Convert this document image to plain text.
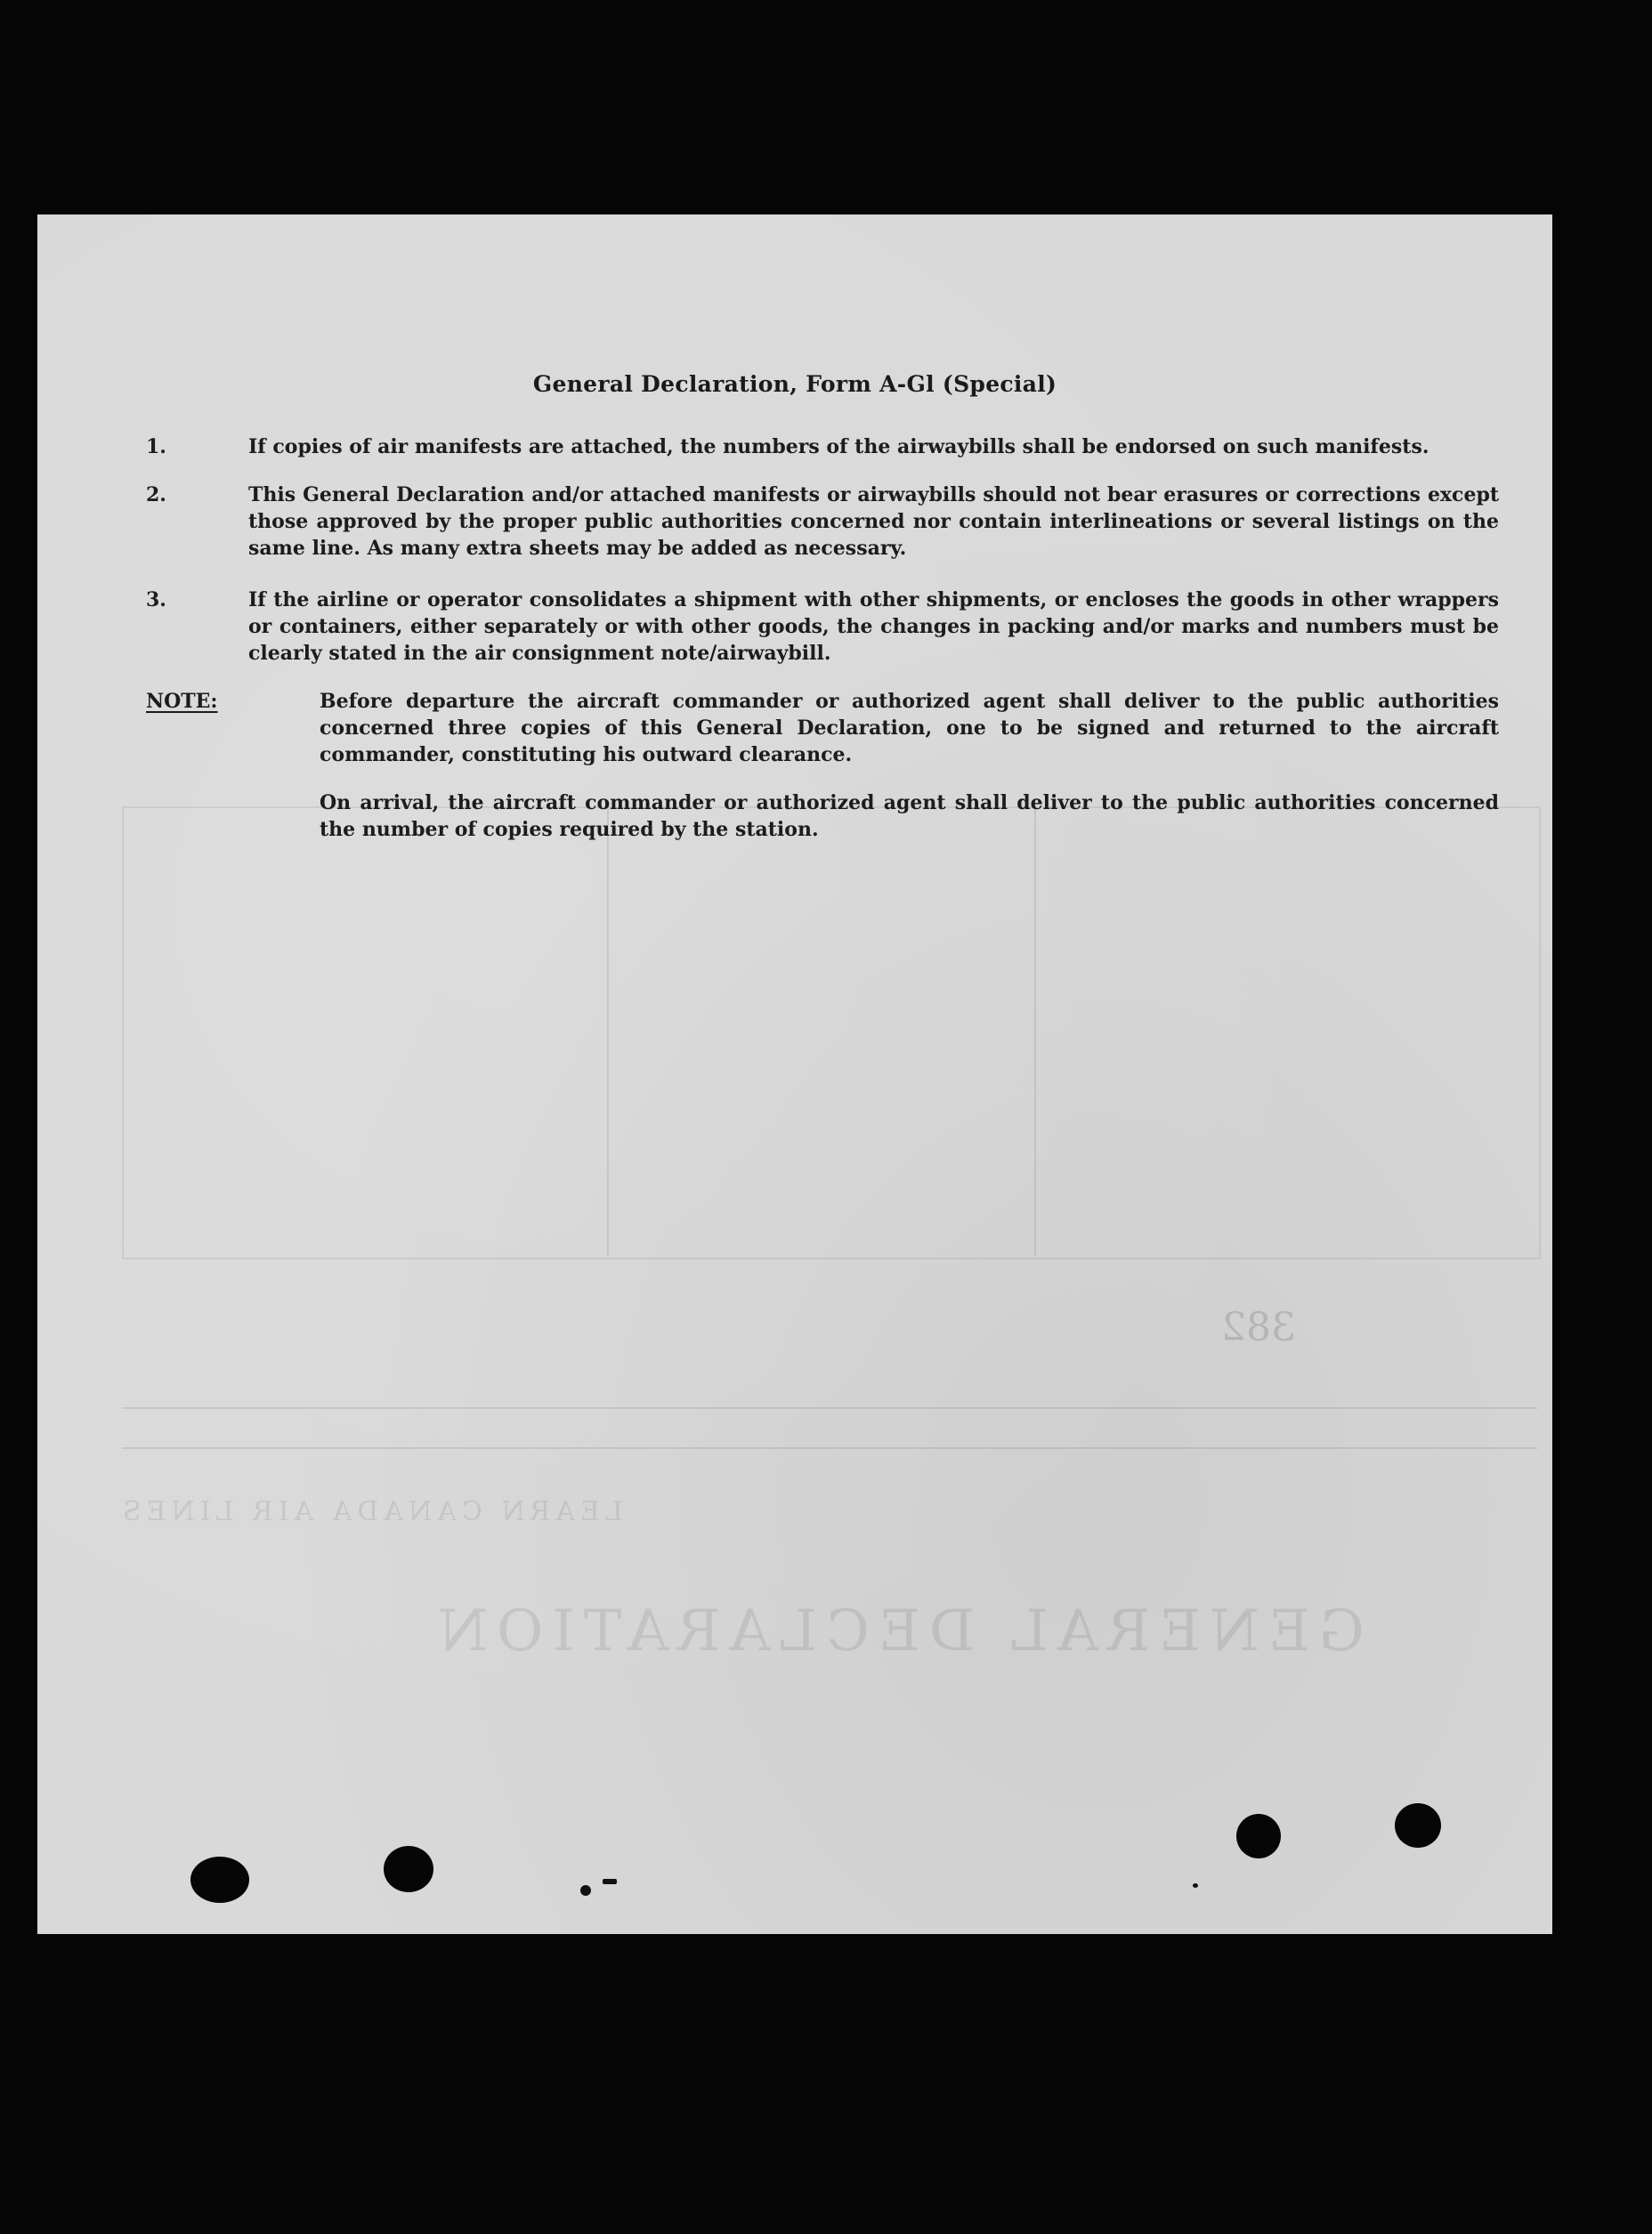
GENERAL DECLARATION
LEARN CANADA AIR LINES
382
General Declaration, Form A-Gl (Special)
1.	If copies of air manifests are attached, the numbers of the airwaybills shall be endorsed on such manifests.
2.	This General Declaration and/or attached manifests or airwaybills should not bear erasures or corrections except those approved by the proper public authorities concerned nor contain interlineations or several listings on the same line. As many extra sheets may be added as necessary.
3.	If the airline or operator consolidates a shipment with other shipments, or encloses the goods in other wrappers or containers, either separately or with other goods, the changes in packing and/or marks and numbers must be clearly stated in the air consignment note/airwaybill.
NOTE:	Before departure the aircraft commander or authorized agent shall deliver to the public authorities concerned three copies of this General Declaration, one to be signed and returned to the aircraft commander, constituting his outward clearance.
On arrival, the aircraft commander or authorized agent shall deliver to the public authorities concerned the number of copies required by the station.
